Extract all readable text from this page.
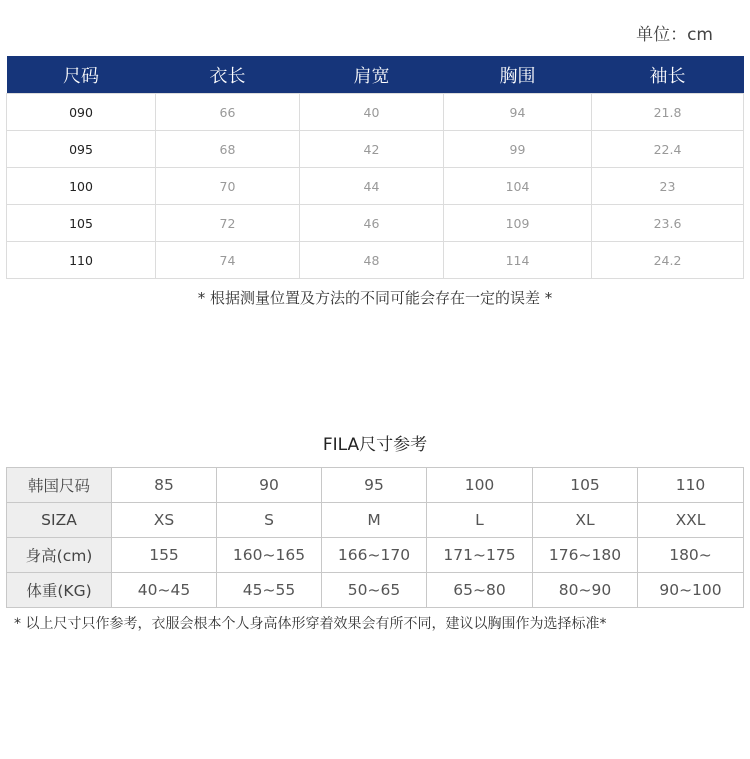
单位：cm
尺码	衣长	肩宽	胸围	袖长
090	66	40	94	21.8
095	68	42	99	22.4
100	70	44	104	23
105	72	46	109	23.6
110	74	48	114	24.2
* 根据测量位置及方法的不同可能会存在一定的误差 *
FILA尺寸参考
韩国尺码	85	90	95	100	105	110
SIZA	XS	S	M	L	XL	XXL
身高(cm)	155	160~165	166~170	171~175	176~180	180~
体重(KG)	40~45	45~55	50~65	65~80	80~90	90~100
* 以上尺寸只作参考，衣服会根本个人身高体形穿着效果会有所不同，建议以胸围作为选择标准*
